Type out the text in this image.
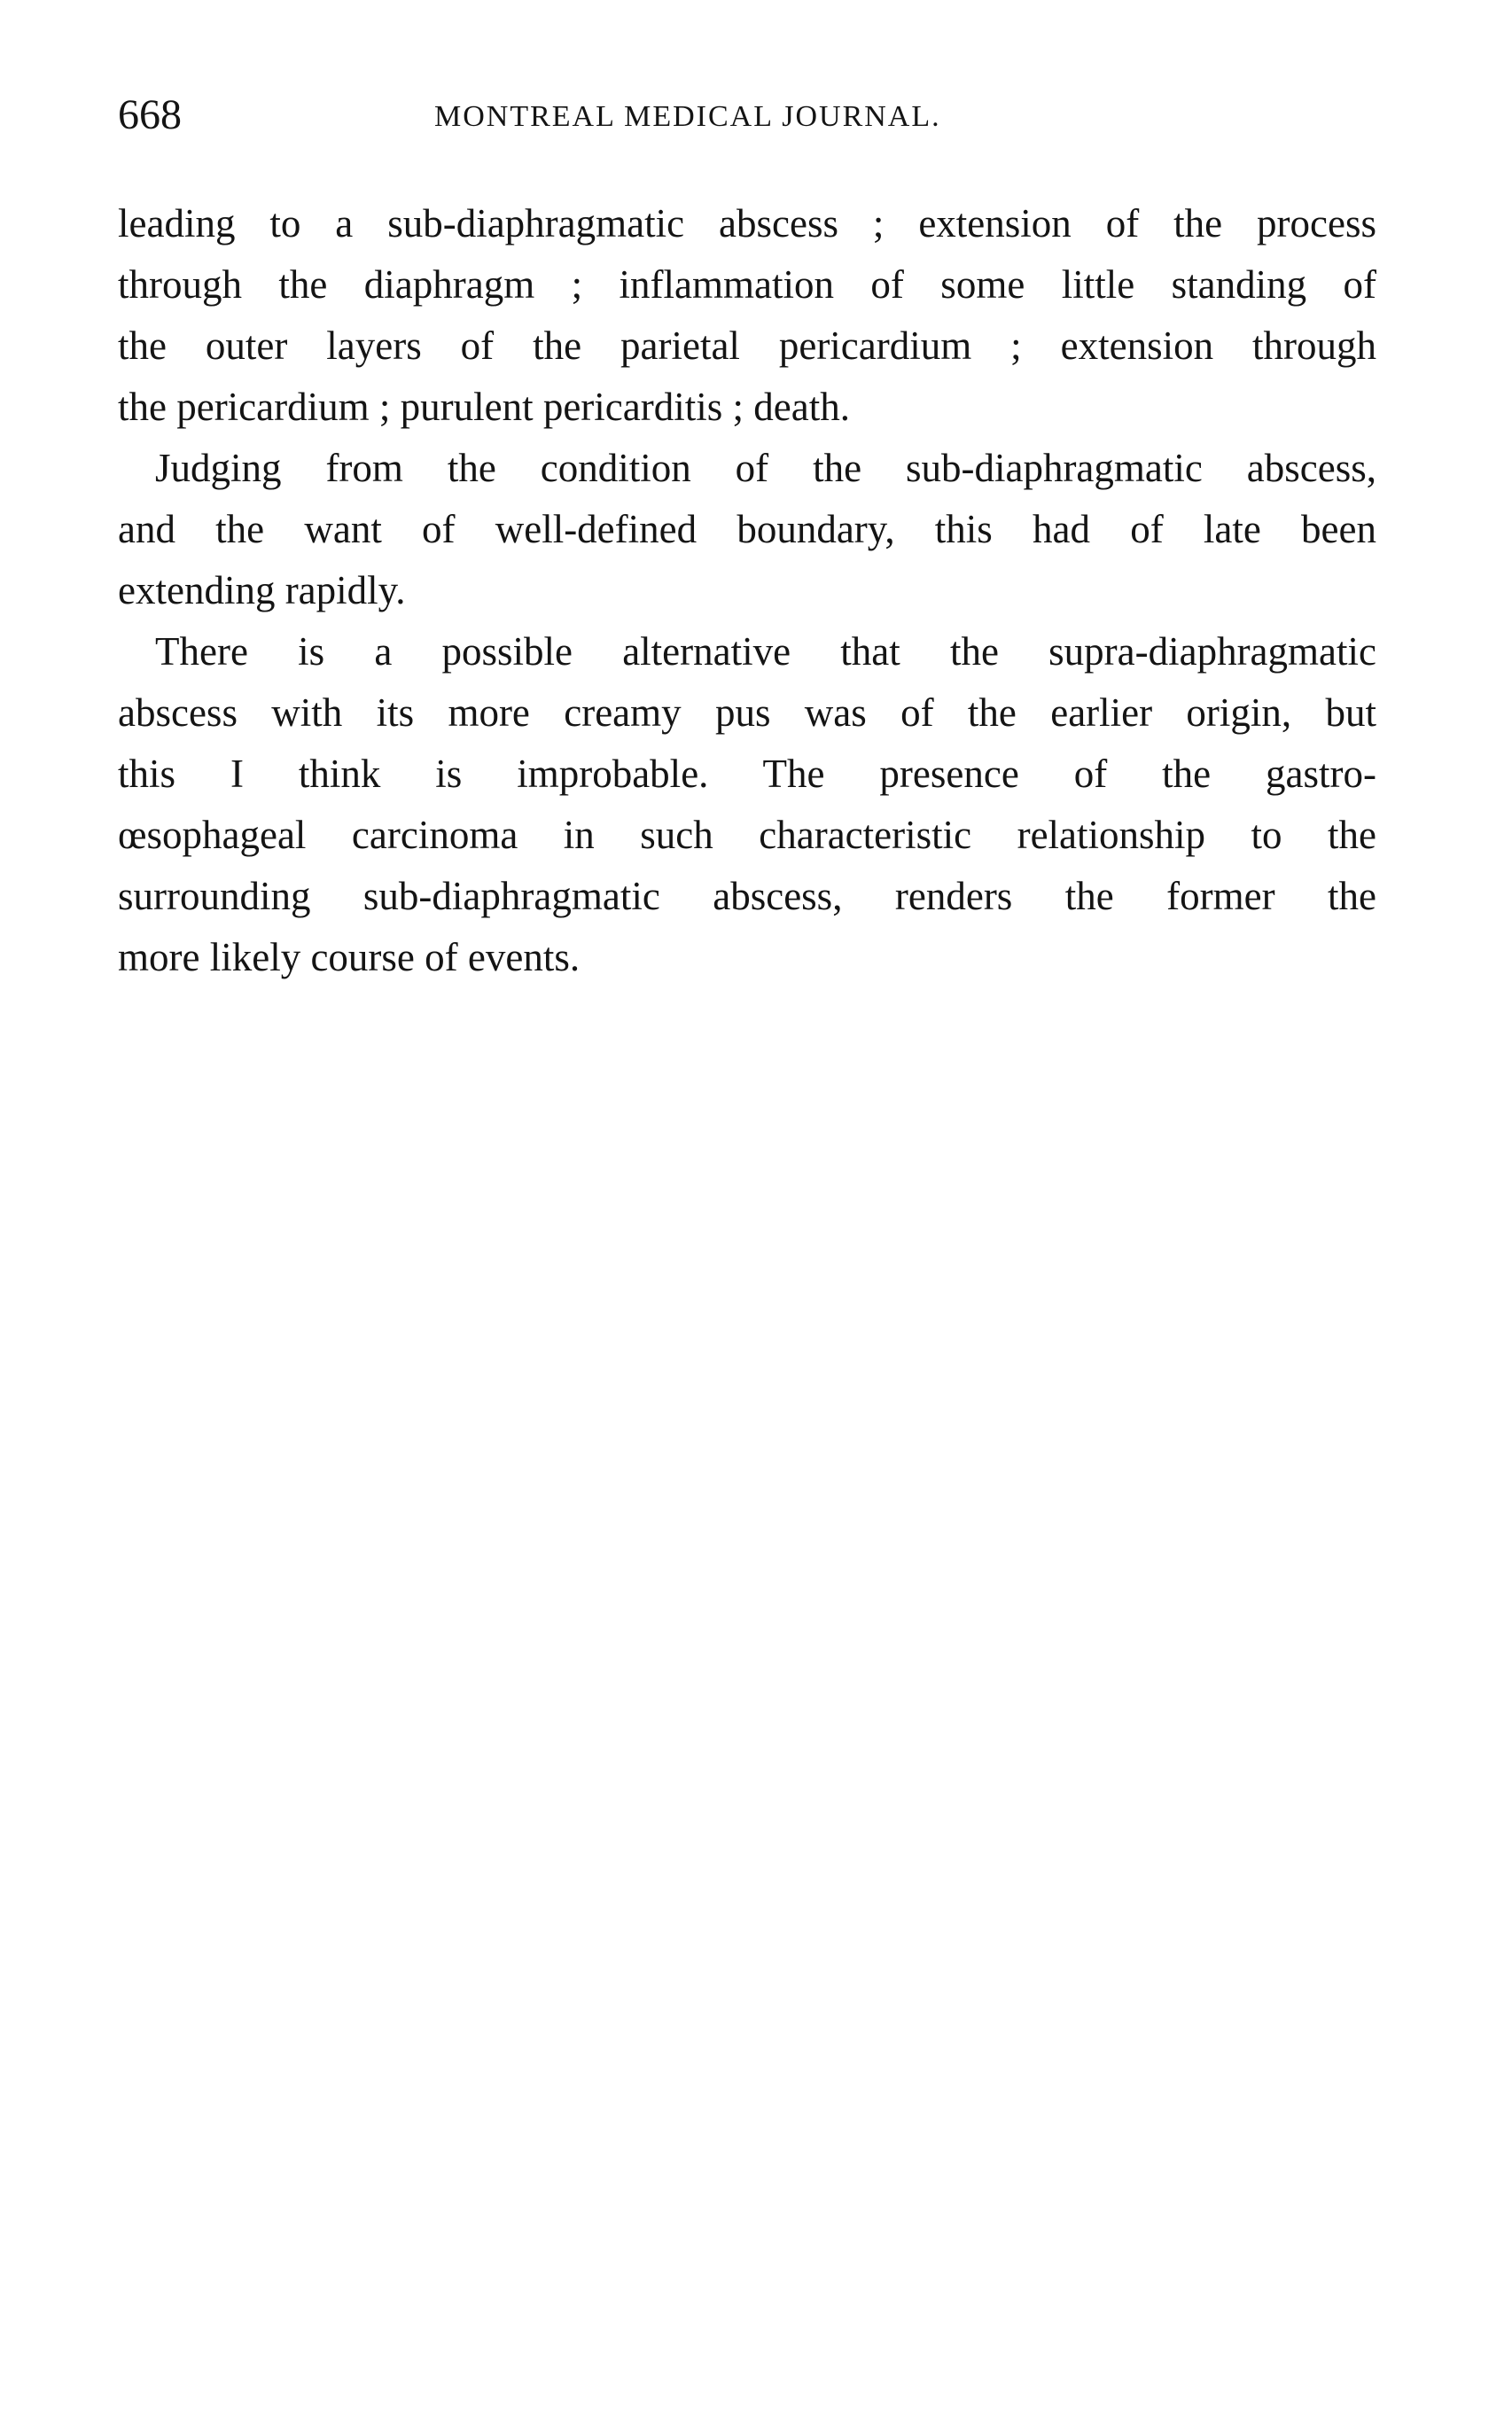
668	MONTREAL MEDICAL JOURNAL.

leading to a sub-diaphragmatic abscess ; extension of the process
through the diaphragm ; inflammation of some little standing of
the outer layers of the parietal pericardium ; extension through
the pericardium ; purulent pericarditis ; death.

Judging from the condition of the sub-diaphragmatic abscess,
and the want of well-defined boundary, this had of late been
extending rapidly.

There is a possible alternative that the supra-diaphragmatic
abscess with its more creamy pus was of the earlier origin, but
this I think is improbable. The presence of the gastro-
œsophageal carcinoma in such characteristic relationship to the
surrounding sub-diaphragmatic abscess, renders the former the
more likely course of events.
